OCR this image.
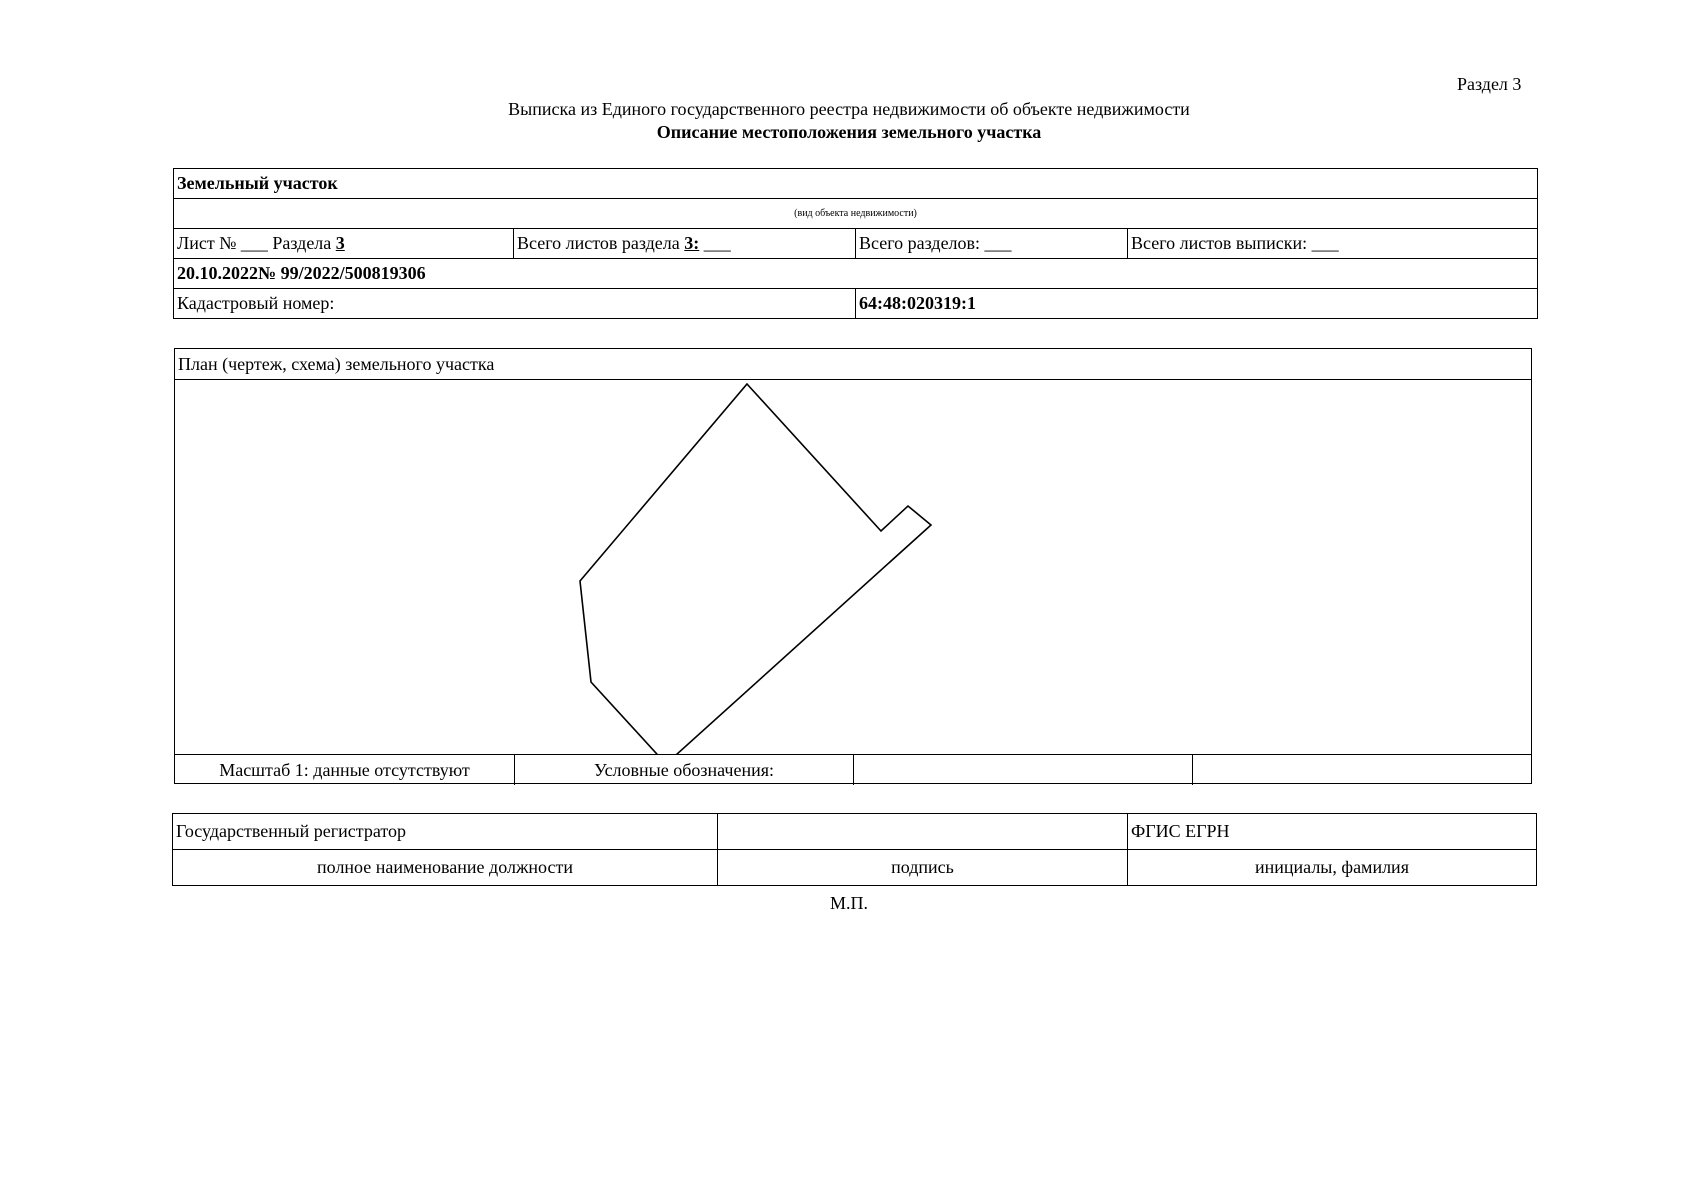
Раздел 3
Выписка из Единого государственного реестра недвижимости об объекте недвижимости
Описание местоположения земельного участка
Земельный участок			
(вид объекта недвижимости)			
Лист № ___ Раздела 3	Всего листов раздела 3: ___	Всего разделов: ___	Всего листов выписки: ___
20.10.2022№ 99/2022/500819306			
Кадастровый номер:		64:48:020319:1	
План (чертеж, схема) земельного участка
Масштаб 1: данные отсутствуют	Условные обозначения:
Государственный регистратор		ФГИС ЕГРН
полное наименование должности	подпись	инициалы, фамилия
М.П.
